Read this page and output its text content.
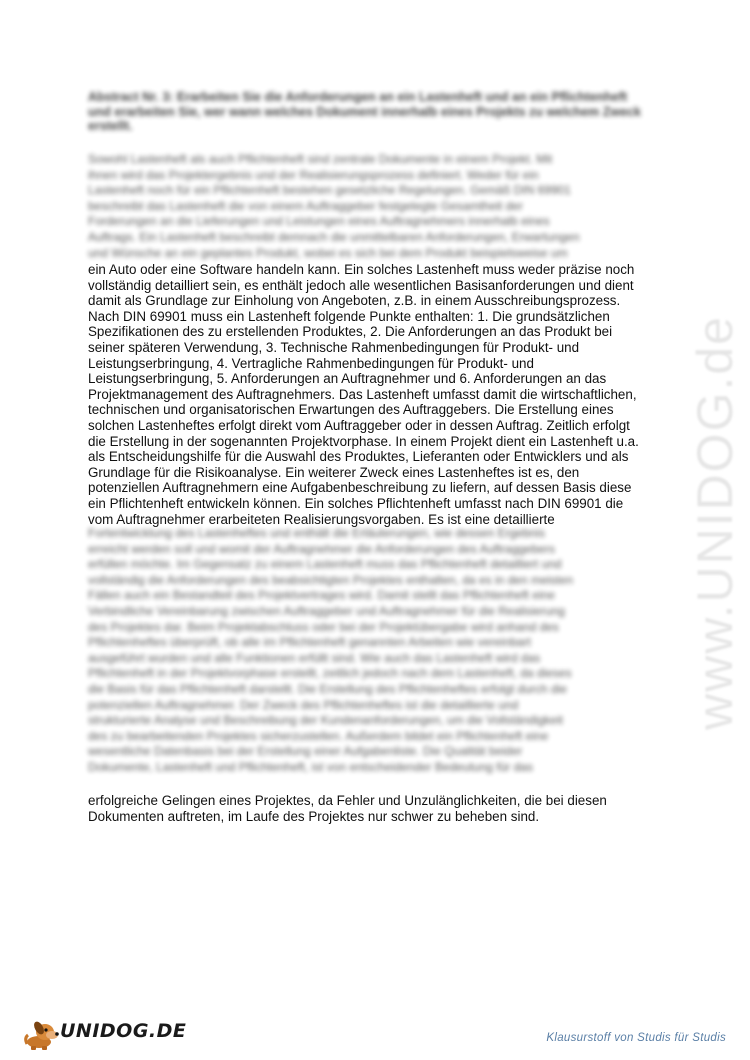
Abstract Nr. 3: Erarbeiten Sie die Anforderungen an ein Lastenheft und an ein Pflichtenheft und erarbeiten Sie, wer wann welches Dokument innerhalb eines Projekts zu welchem Zweck erstellt.
Sowohl Lastenheft als auch Pflichtenheft sind zentrale Dokumente in einem Projekt. Mit
ihnen wird das Projektergebnis und der Realisierungsprozess definiert. Weder für ein
Lastenheft noch für ein Pflichtenheft bestehen gesetzliche Regelungen. Gemäß DIN 69901
beschreibt das Lastenheft die von einem Auftraggeber festgelegte Gesamtheit der
Forderungen an die Lieferungen und Leistungen eines Auftragnehmers innerhalb eines
Auftrags. Ein Lastenheft beschreibt demnach die unmittelbaren Anforderungen, Erwartungen
und Wünsche an ein geplantes Produkt, wobei es sich bei dem Produkt beispielsweise um
ein Auto oder eine Software handeln kann. Ein solches Lastenheft muss weder präzise noch
vollständig detailliert sein, es enthält jedoch alle wesentlichen Basisanforderungen und dient
damit als Grundlage zur Einholung von Angeboten, z.B. in einem Ausschreibungsprozess.
Nach DIN 69901 muss ein Lastenheft folgende Punkte enthalten: 1. Die grundsätzlichen
Spezifikationen des zu erstellenden Produktes, 2. Die Anforderungen an das Produkt bei
seiner späteren Verwendung, 3. Technische Rahmenbedingungen für Produkt- und
Leistungserbringung, 4. Vertragliche Rahmenbedingungen für Produkt- und
Leistungserbringung, 5. Anforderungen an Auftragnehmer und 6. Anforderungen an das
Projektmanagement des Auftragnehmers. Das Lastenheft umfasst damit die wirtschaftlichen,
technischen und organisatorischen Erwartungen des Auftraggebers. Die Erstellung eines
solchen Lastenheftes erfolgt direkt vom Auftraggeber oder in dessen Auftrag. Zeitlich erfolgt
die Erstellung in der sogenannten Projektvorphase. In einem Projekt dient ein Lastenheft u.a.
als Entscheidungshilfe für die Auswahl des Produktes, Lieferanten oder Entwicklers und als
Grundlage für die Risikoanalyse. Ein weiterer Zweck eines Lastenheftes ist es, den
potenziellen Auftragnehmern eine Aufgabenbeschreibung zu liefern, auf dessen Basis diese
ein Pflichtenheft entwickeln können. Ein solches Pflichtenheft umfasst nach DIN 69901 die
vom Auftragnehmer erarbeiteten Realisierungsvorgaben. Es ist eine detaillierte
Fortentwicklung des Lastenheftes und enthält die Erläuterungen, wie dessen Ergebnis
erreicht werden soll und womit der Auftragnehmer die Anforderungen des Auftraggebers
erfüllen möchte. Im Gegensatz zu einem Lastenheft muss das Pflichtenheft detailliert und
vollständig die Anforderungen des beabsichtigten Projektes enthalten, da es in den meisten
Fällen auch ein Bestandteil des Projektvertrages wird. Damit stellt das Pflichtenheft eine
Verbindliche Vereinbarung zwischen Auftraggeber und Auftragnehmer für die Realisierung
des Projektes dar. Beim Projektabschluss oder bei der Projektübergabe wird anhand des
Pflichtenheftes überprüft, ob alle im Pflichtenheft genannten Arbeiten wie vereinbart
ausgeführt wurden und alle Funktionen erfüllt sind. Wie auch das Lastenheft wird das
Pflichtenheft in der Projektvorphase erstellt, zeitlich jedoch nach dem Lastenheft, da dieses
die Basis für das Pflichtenheft darstellt. Die Erstellung des Pflichtenheftes erfolgt durch die
potenziellen Auftragnehmer. Der Zweck des Pflichtenheftes ist die detaillierte und
strukturierte Analyse und Beschreibung der Kundenanforderungen, um die Vollständigkeit
des zu bearbeitenden Projektes sicherzustellen. Außerdem bildet ein Pflichtenheft eine
wesentliche Datenbasis bei der Erstellung einer Aufgabenliste. Die Qualität beider
Dokumente, Lastenheft und Pflichtenheft, ist von entscheidender Bedeutung für das
erfolgreiche Gelingen eines Projektes, da Fehler und Unzulänglichkeiten, die bei diesen
Dokumenten auftreten, im Laufe des Projektes nur schwer zu beheben sind.
www.UNIDOG.de
UNIDOG.DE	Klausurstoff von Studis für Studis
